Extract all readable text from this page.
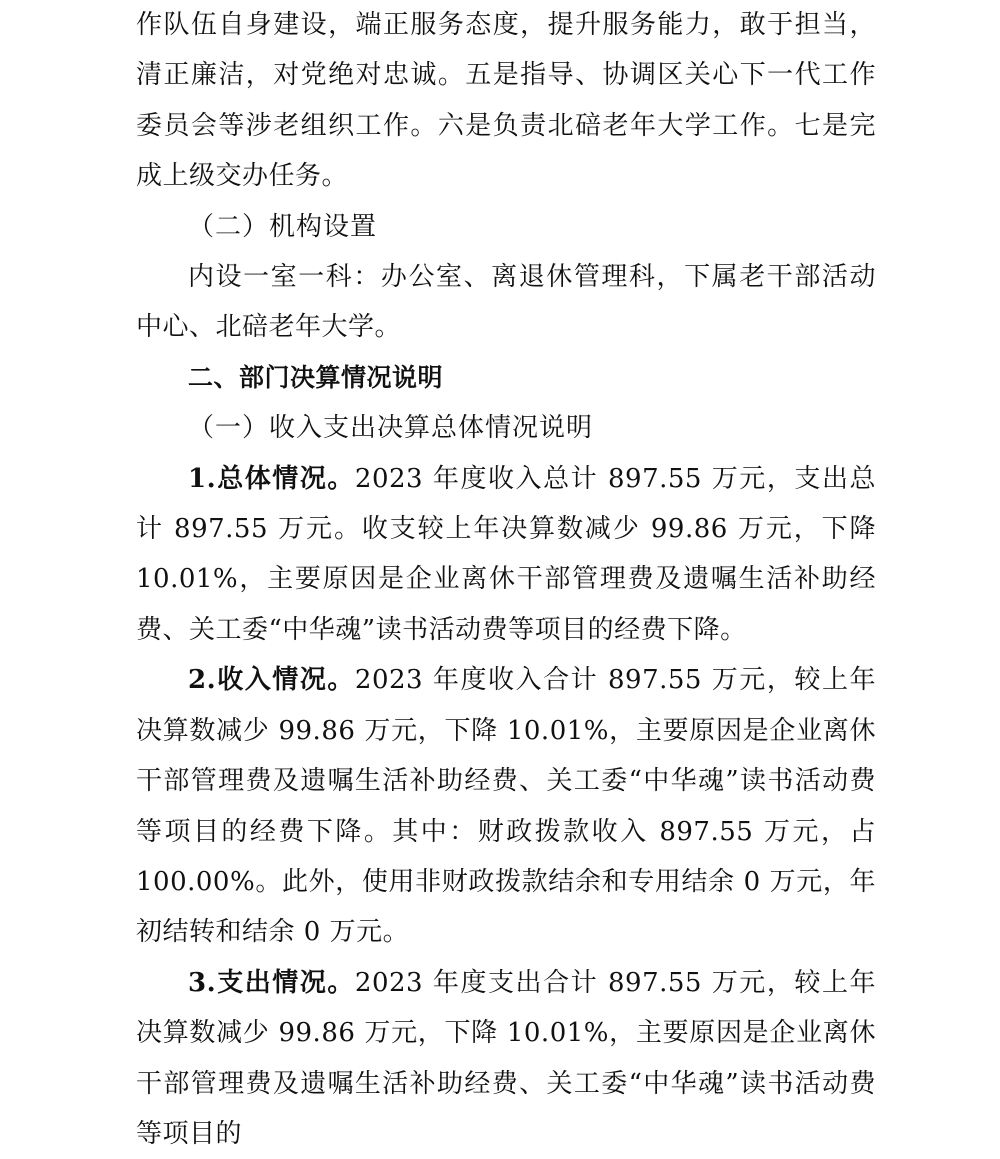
作队伍自身建设，端正服务态度，提升服务能力，敢于担当，清正廉洁，对党绝对忠诚。五是指导、协调区关心下一代工作委员会等涉老组织工作。六是负责北碚老年大学工作。七是完成上级交办任务。

（二）机构设置

内设一室一科：办公室、离退休管理科，下属老干部活动中心、北碚老年大学。

二、部门决算情况说明

（一）收入支出决算总体情况说明

1.总体情况。2023 年度收入总计 897.55 万元，支出总计 897.55 万元。收支较上年决算数减少 99.86 万元，下降 10.01%，主要原因是企业离休干部管理费及遗嘱生活补助经费、关工委“中华魂”读书活动费等项目的经费下降。

2.收入情况。2023 年度收入合计 897.55 万元，较上年决算数减少 99.86 万元，下降 10.01%，主要原因是企业离休干部管理费及遗嘱生活补助经费、关工委“中华魂”读书活动费等项目的经费下降。其中：财政拨款收入 897.55 万元，占 100.00%。此外，使用非财政拨款结余和专用结余 0 万元，年初结转和结余 0 万元。

3.支出情况。2023 年度支出合计 897.55 万元，较上年决算数减少 99.86 万元，下降 10.01%，主要原因是企业离休干部管理费及遗嘱生活补助经费、关工委“中华魂”读书活动费等项目的
